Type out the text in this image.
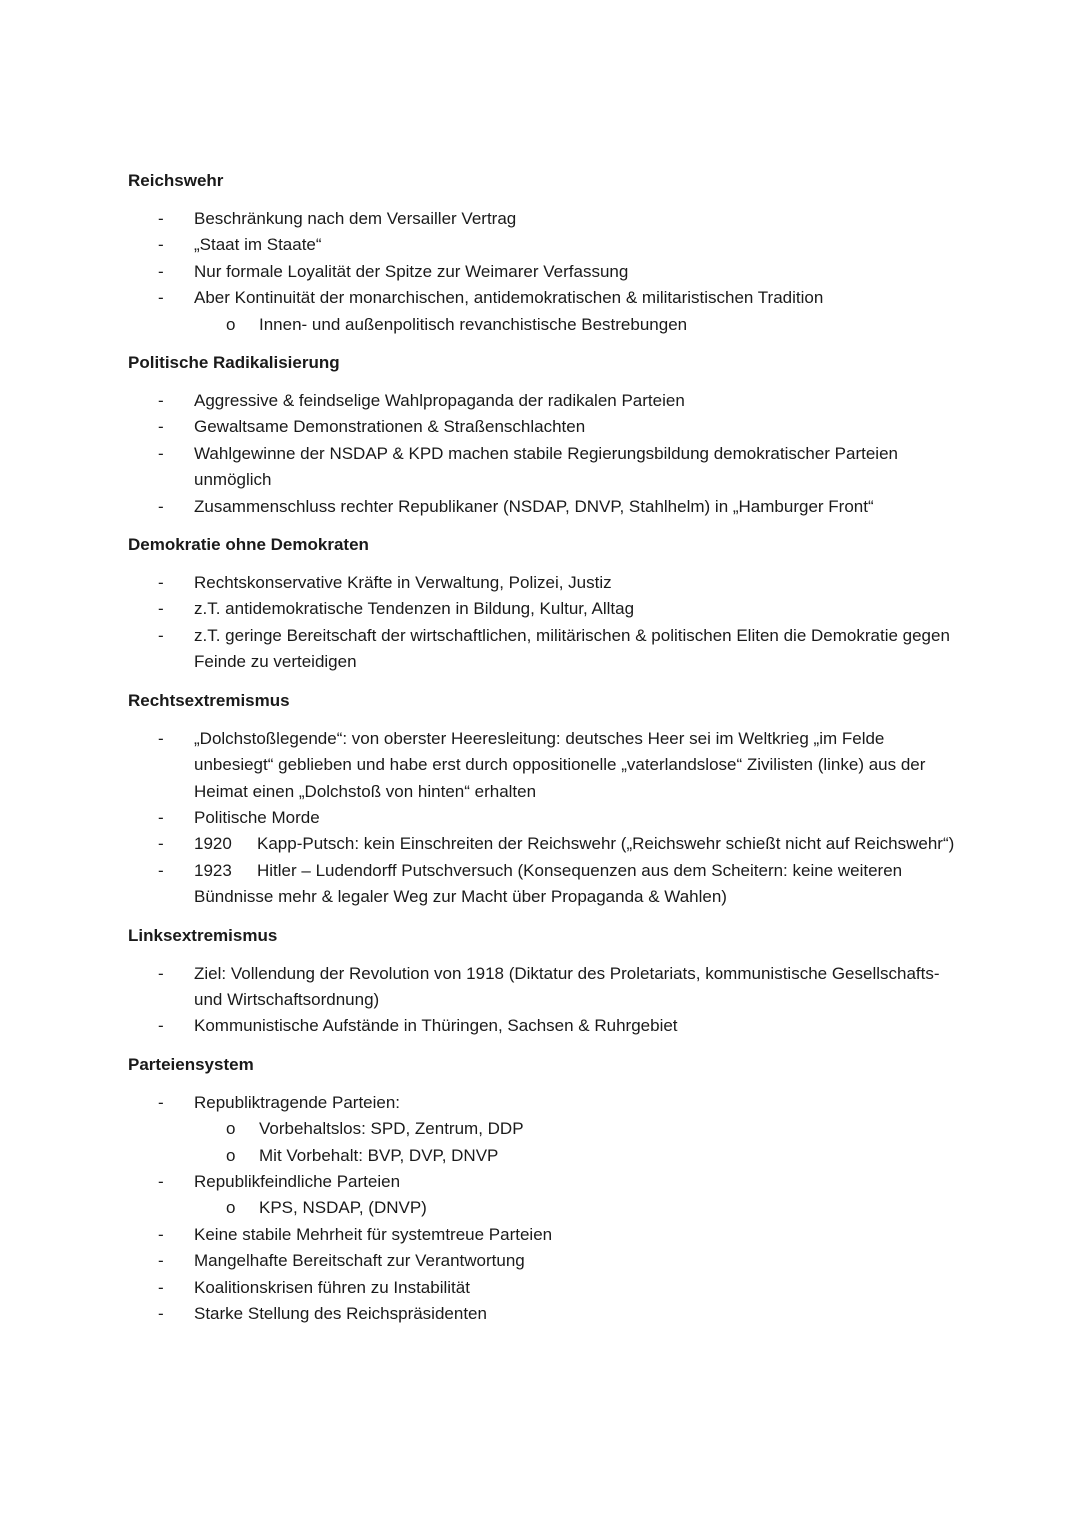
Reichswehr
- Beschränkung nach dem Versailler Vertrag
- „Staat im Staate“
- Nur formale Loyalität der Spitze zur Weimarer Verfassung
- Aber Kontinuität der monarchischen, antidemokratischen & militaristischen Tradition
o Innen- und außenpolitisch revanchistische Bestrebungen
Politische Radikalisierung
- Aggressive & feindselige Wahlpropaganda der radikalen Parteien
- Gewaltsame Demonstrationen & Straßenschlachten
- Wahlgewinne der NSDAP & KPD machen stabile Regierungsbildung demokratischer Parteien unmöglich
- Zusammenschluss rechter Republikaner (NSDAP, DNVP, Stahlhelm) in „Hamburger Front“
Demokratie ohne Demokraten
- Rechtskonservative Kräfte in Verwaltung, Polizei, Justiz
- z.T. antidemokratische Tendenzen in Bildung, Kultur, Alltag
- z.T. geringe Bereitschaft der wirtschaftlichen, militärischen & politischen Eliten die Demokratie gegen Feinde zu verteidigen
Rechtsextremismus
- „Dolchstoßlegende“: von oberster Heeresleitung: deutsches Heer sei im Weltkrieg „im Felde unbesiegt“ geblieben und habe erst durch oppositionelle „vaterlandslose“ Zivilisten (linke) aus der Heimat einen „Dolchstoß von hinten“ erhalten
- Politische Morde
- 1920 Kapp-Putsch: kein Einschreiten der Reichswehr („Reichswehr schießt nicht auf Reichswehr“)
- 1923 Hitler – Ludendorff Putschversuch (Konsequenzen aus dem Scheitern: keine weiteren Bündnisse mehr & legaler Weg zur Macht über Propaganda & Wahlen)
Linksextremismus
- Ziel: Vollendung der Revolution von 1918 (Diktatur des Proletariats, kommunistische Gesellschafts- und Wirtschaftsordnung)
- Kommunistische Aufstände in Thüringen, Sachsen & Ruhrgebiet
Parteiensystem
- Republiktragende Parteien:
o Vorbehaltslos: SPD, Zentrum, DDP
o Mit Vorbehalt: BVP, DVP, DNVP
- Republikfeindliche Parteien
o KPS, NSDAP, (DNVP)
- Keine stabile Mehrheit für systemtreue Parteien
- Mangelhafte Bereitschaft zur Verantwortung
- Koalitionskrisen führen zu Instabilität
- Starke Stellung des Reichspräsidenten
